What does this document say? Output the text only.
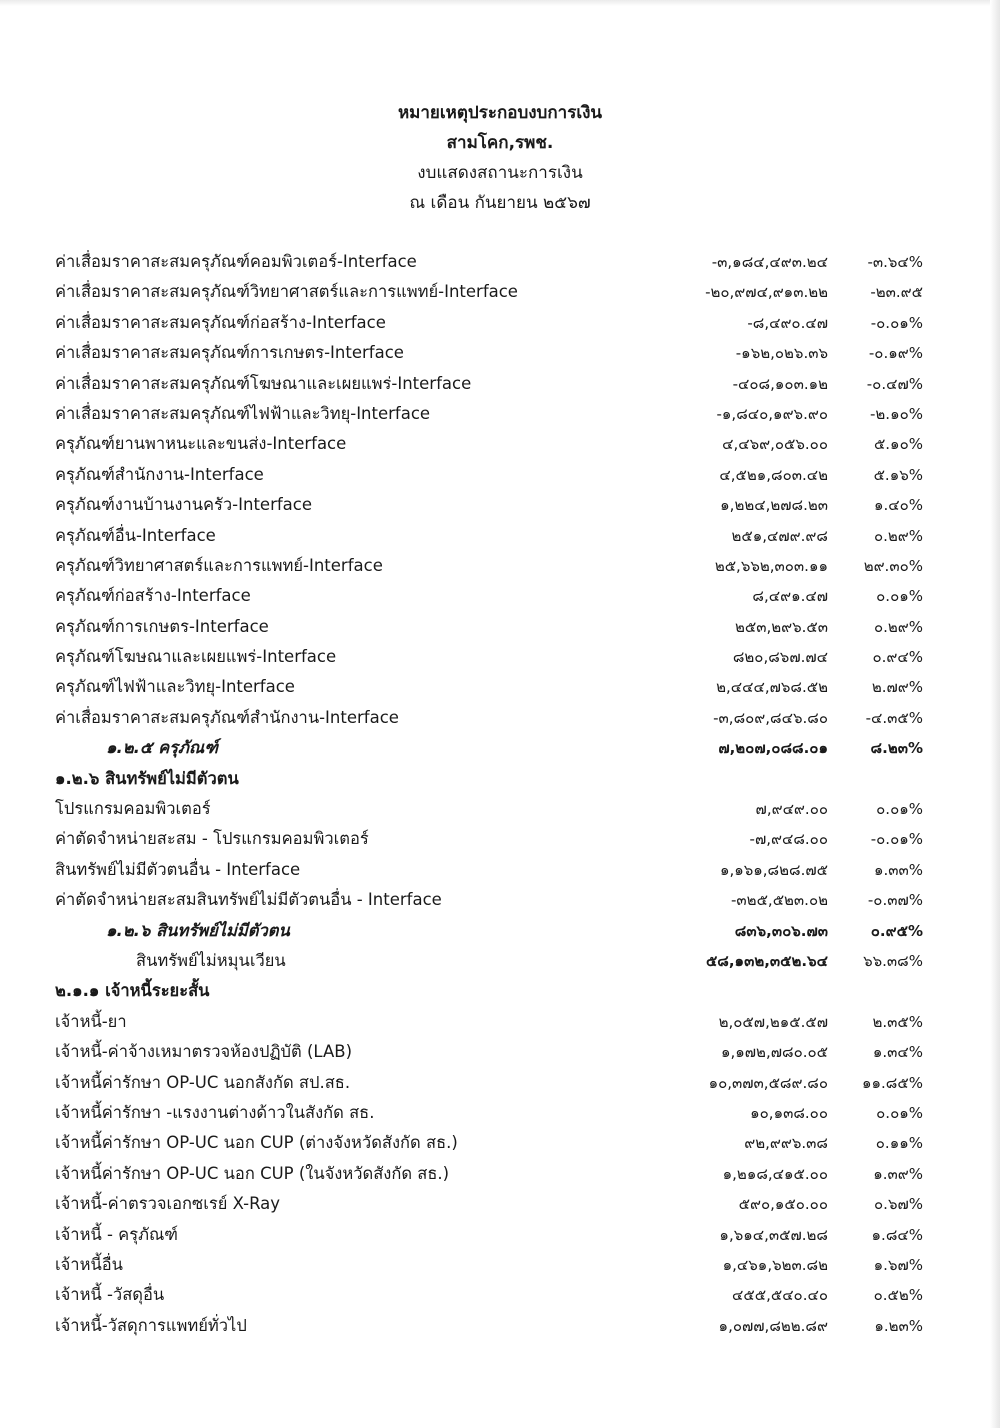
หมายเหตุประกอบงบการเงิน
สามโคก,รพช.
งบแสดงสถานะการเงิน
ณ เดือน กันยายน ๒๕๖๗
ค่าเสื่อมราคาสะสมครุภัณฑ์คอมพิวเตอร์-Interface	-๓,๑๘๔,๔๙๓.๒๔	-๓.๖๔%
ค่าเสื่อมราคาสะสมครุภัณฑ์วิทยาศาสตร์และการแพทย์-Interface	-๒๐,๙๗๔,๙๑๓.๒๒	-๒๓.๙๕
ค่าเสื่อมราคาสะสมครุภัณฑ์ก่อสร้าง-Interface	-๘,๔๙๐.๔๗	-๐.๐๑%
ค่าเสื่อมราคาสะสมครุภัณฑ์การเกษตร-Interface	-๑๖๒,๐๒๖.๓๖	-๐.๑๙%
ค่าเสื่อมราคาสะสมครุภัณฑ์โฆษณาและเผยแพร่-Interface	-๔๐๘,๑๐๓.๑๒	-๐.๔๗%
ค่าเสื่อมราคาสะสมครุภัณฑ์ไฟฟ้าและวิทยุ-Interface	-๑,๘๔๐,๑๙๖.๙๐	-๒.๑๐%
ครุภัณฑ์ยานพาหนะและขนส่ง-Interface	๔,๔๖๙,๐๕๖.๐๐	๕.๑๐%
ครุภัณฑ์สำนักงาน-Interface	๔,๕๒๑,๘๐๓.๔๒	๕.๑๖%
ครุภัณฑ์งานบ้านงานครัว-Interface	๑,๒๒๔,๒๗๘.๒๓	๑.๔๐%
ครุภัณฑ์อื่น-Interface	๒๕๑,๔๗๙.๙๘	๐.๒๙%
ครุภัณฑ์วิทยาศาสตร์และการแพทย์-Interface	๒๕,๖๖๒,๓๐๓.๑๑ ๒๙.๓๐%
ครุภัณฑ์ก่อสร้าง-Interface	๘,๔๙๑.๔๗	๐.๐๑%
ครุภัณฑ์การเกษตร-Interface	๒๕๓,๒๙๖.๕๓	๐.๒๙%
ครุภัณฑ์โฆษณาและเผยแพร่-Interface	๘๒๐,๘๖๗.๗๔	๐.๙๔%
ครุภัณฑ์ไฟฟ้าและวิทยุ-Interface	๒,๔๔๔,๗๖๘.๕๒	๒.๗๙%
ค่าเสื่อมราคาสะสมครุภัณฑ์สำนักงาน-Interface	-๓,๘๐๙,๘๔๖.๘๐	-๔.๓๕%
๑.๒.๕ ครุภัณฑ์	๗,๒๐๗,๐๘๘.๐๑	๘.๒๓%
๑.๒.๖ สินทรัพย์ไม่มีตัวตน
โปรแกรมคอมพิวเตอร์	๗,๙๔๙.๐๐	๐.๐๑%
ค่าตัดจำหน่ายสะสม - โปรแกรมคอมพิวเตอร์	-๗,๙๔๘.๐๐	-๐.๐๑%
สินทรัพย์ไม่มีตัวตนอื่น - Interface	๑,๑๖๑,๘๒๘.๗๕	๑.๓๓%
ค่าตัดจำหน่ายสะสมสินทรัพย์ไม่มีตัวตนอื่น - Interface	-๓๒๕,๕๒๓.๐๒	-๐.๓๗%
๑.๒.๖ สินทรัพย์ไม่มีตัวตน	๘๓๖,๓๐๖.๗๓	๐.๙๕%
สินทรัพย์ไม่หมุนเวียน	๕๘,๑๓๒,๓๕๒.๖๔ ๖๖.๓๘%
๒.๑.๑ เจ้าหนี้ระยะสั้น
เจ้าหนี้-ยา	๒,๐๕๗,๒๑๕.๕๗	๒.๓๕%
เจ้าหนี้-ค่าจ้างเหมาตรวจห้องปฏิบัติ (LAB)	๑,๑๗๒,๗๘๐.๐๕	๑.๓๔%
เจ้าหนี้ค่ารักษา OP-UC นอกสังกัด สป.สธ.	๑๐,๓๗๓,๕๘๙.๘๐ ๑๑.๘๕%
เจ้าหนี้ค่ารักษา -แรงงานต่างด้าวในสังกัด สธ.	๑๐,๑๓๘.๐๐	๐.๐๑%
เจ้าหนี้ค่ารักษา OP-UC นอก CUP (ต่างจังหวัดสังกัด สธ.)	๙๒,๙๙๖.๓๘	๐.๑๑%
เจ้าหนี้ค่ารักษา OP-UC นอก CUP (ในจังหวัดสังกัด สธ.)	๑,๒๑๘,๔๑๕.๐๐	๑.๓๙%
เจ้าหนี้-ค่าตรวจเอกซเรย์ X-Ray	๕๙๐,๑๕๐.๐๐	๐.๖๗%
เจ้าหนี้ - ครุภัณฑ์	๑,๖๑๔,๓๕๗.๒๘	๑.๘๔%
เจ้าหนี้อื่น	๑,๔๖๑,๖๒๓.๘๒	๑.๖๗%
เจ้าหนี้ -วัสดุอื่น	๔๕๕,๕๔๐.๔๐	๐.๕๒%
เจ้าหนี้-วัสดุการแพทย์ทั่วไป	๑,๐๗๗,๘๒๒.๘๙	๑.๒๓%
